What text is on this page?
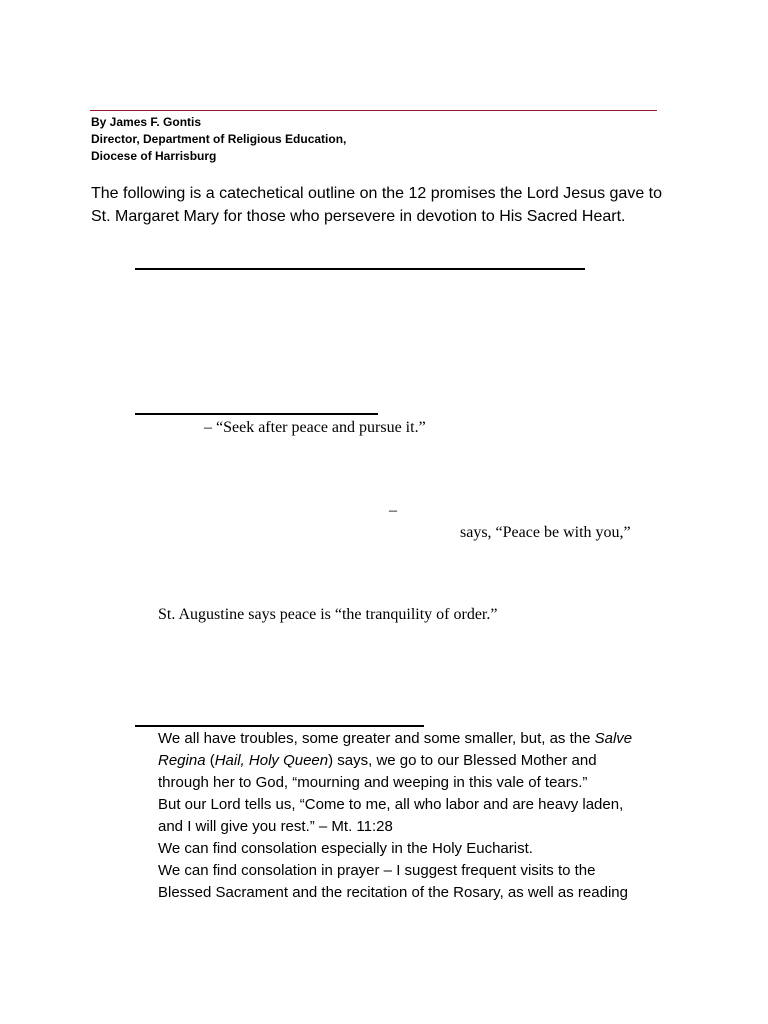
By James F. Gontis
Director, Department of Religious Education,
Diocese of Harrisburg
The following is a catechetical outline on the 12 promises the Lord Jesus gave to St. Margaret Mary for those who persevere in devotion to His Sacred Heart.
– “Seek after peace and pursue it.”
–
says, “Peace be with you,”
St. Augustine says peace is “the tranquility of order.”

We all have troubles, some greater and some smaller, but, as the Salve

Regina (Hail, Holy Queen) says, we go to our Blessed Mother and

through her to God, “mourning and weeping in this vale of tears.”

But our Lord tells us, “Come to me, all who labor and are heavy laden,

and I will give you rest.” – Mt. 11:28

We can find consolation especially in the Holy Eucharist.

We can find consolation in prayer – I suggest frequent visits to the

Blessed Sacrament and the recitation of the Rosary, as well as reading
